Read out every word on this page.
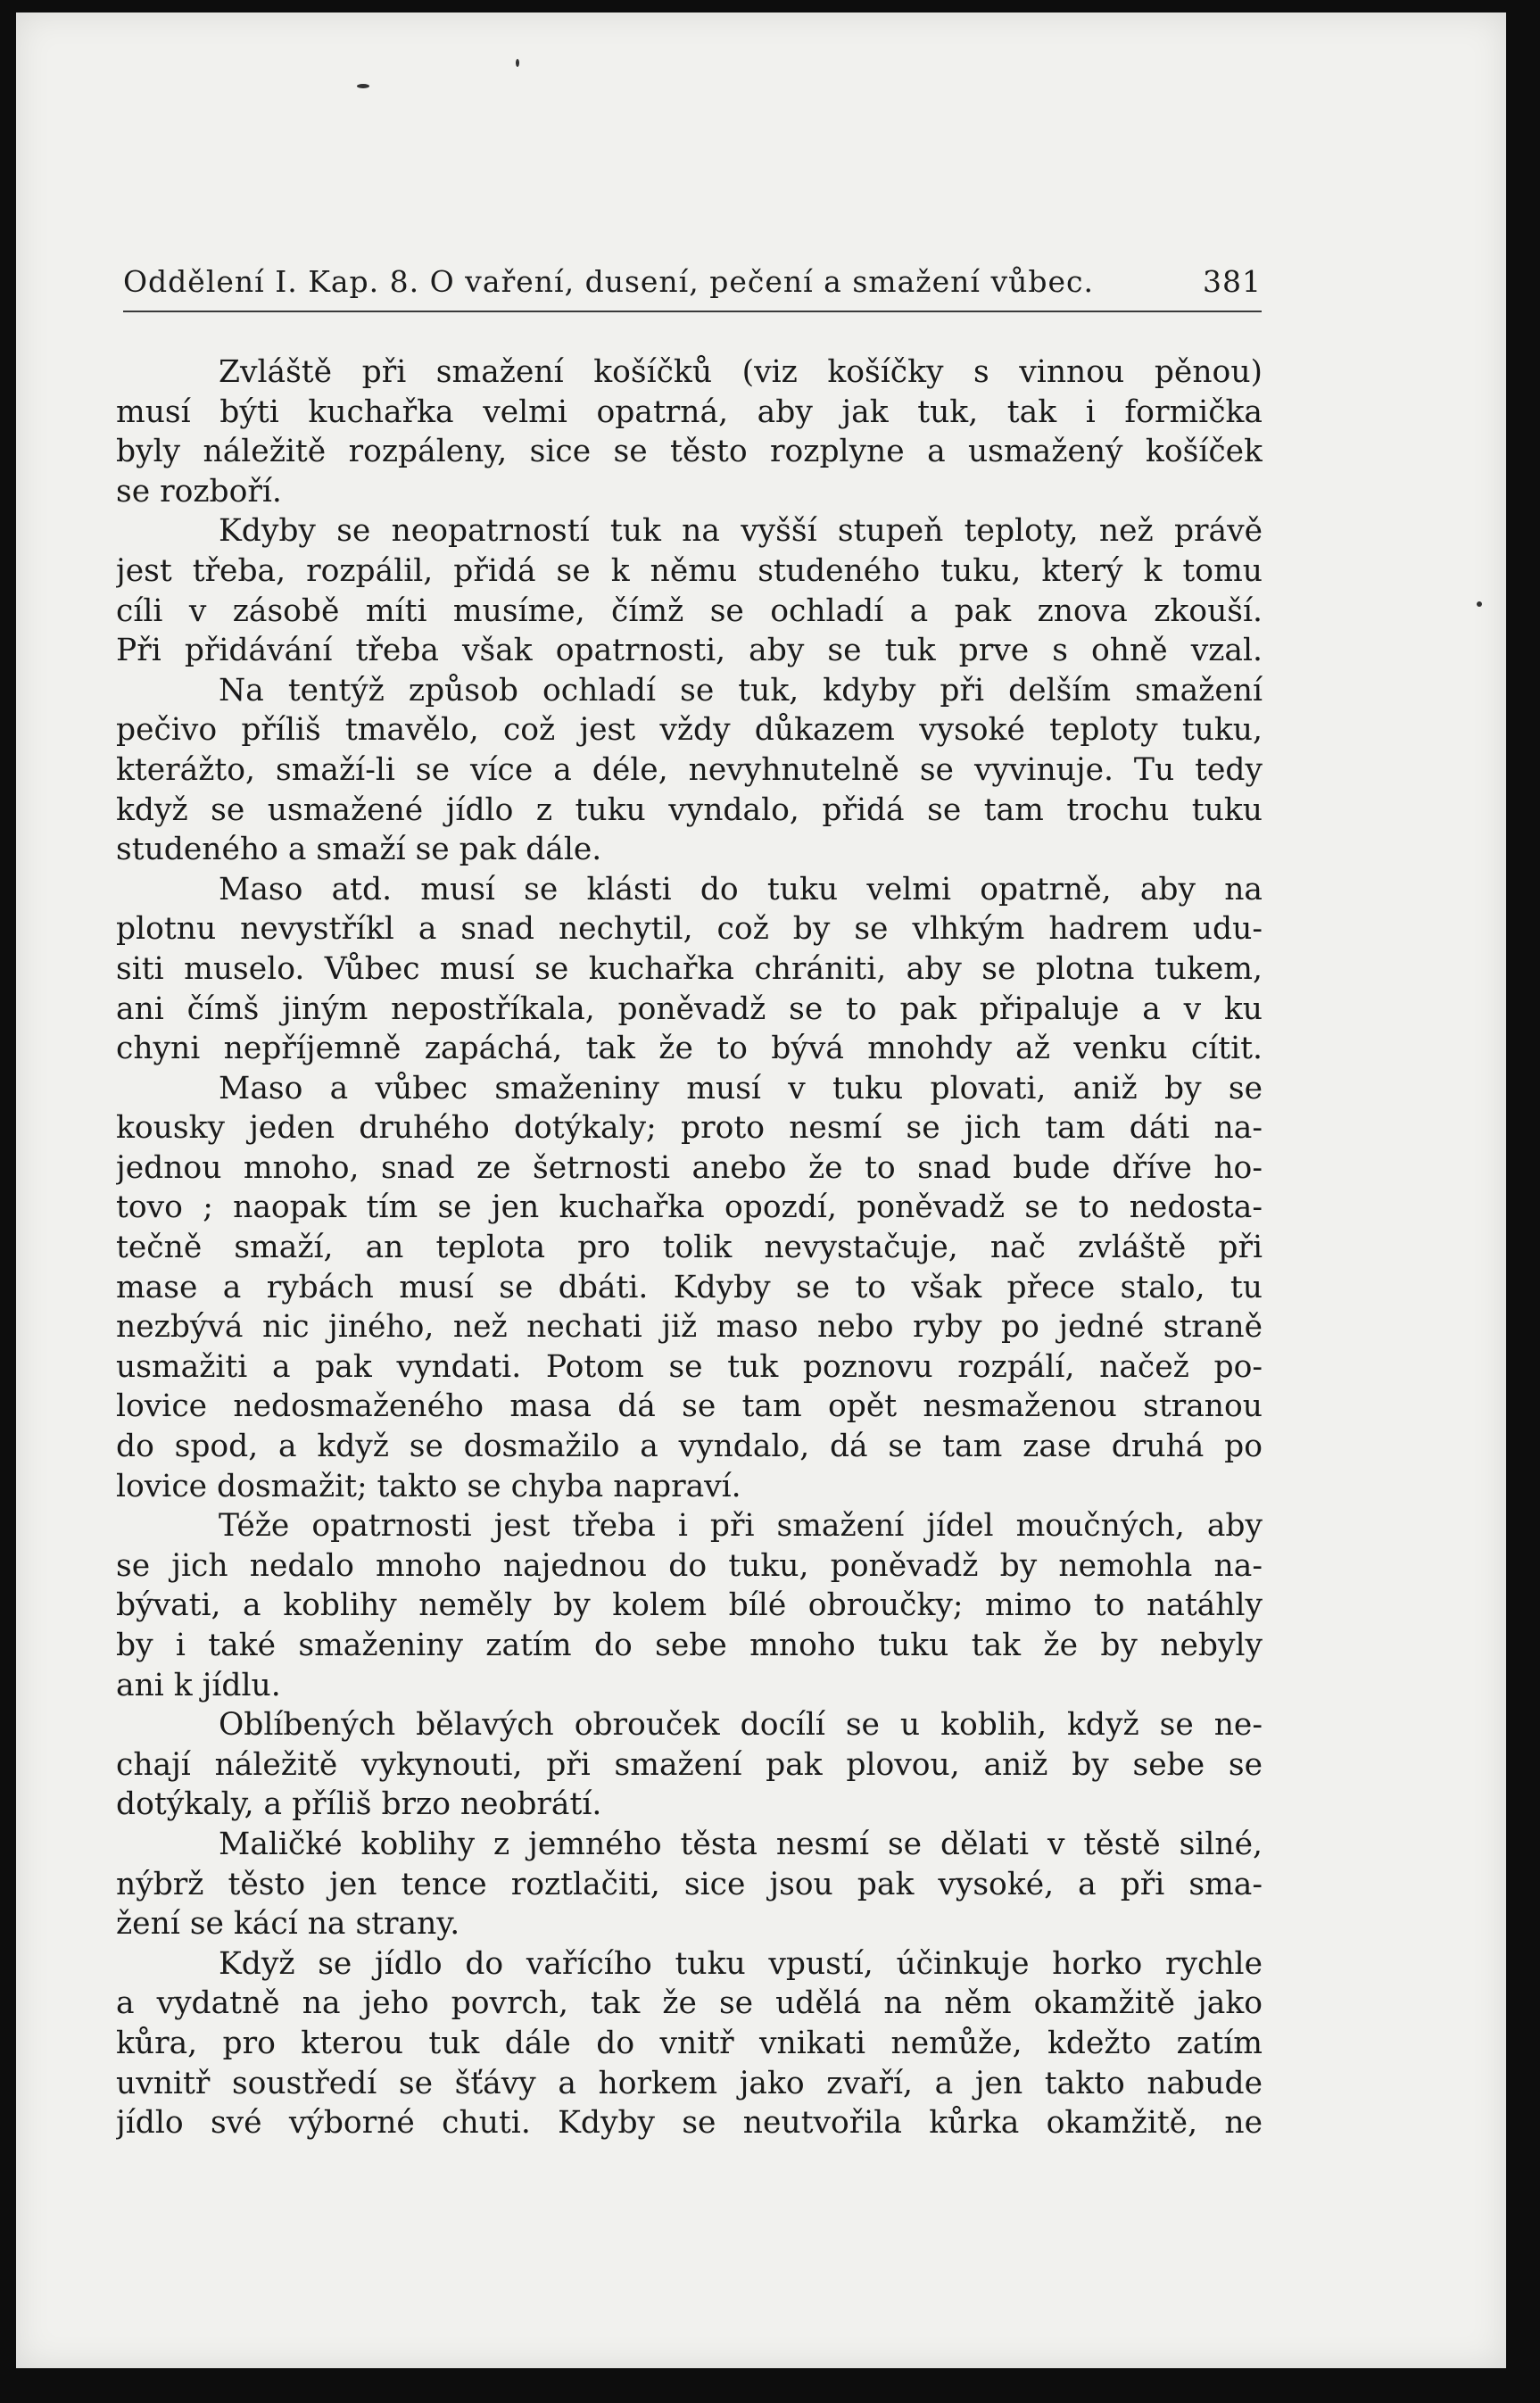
Oddělení I. Kap. 8. O vaření, dusení, pečení a smažení vůbec.	381
Zvláště při smažení košíčků (viz košíčky s vinnou pěnou)
musí býti kuchařka velmi opatrná, aby jak tuk, tak i formička
byly náležitě rozpáleny, sice se těsto rozplyne a usmažený košíček
se rozboří.
Kdyby se neopatrností tuk na vyšší stupeň teploty, než právě
jest třeba, rozpálil, přidá se k němu studeného tuku, který k tomu
cíli v zásobě míti musíme, čímž se ochladí a pak znova zkouší.
Při přidávání třeba však opatrnosti, aby se tuk prve s ohně vzal.
Na tentýž způsob ochladí se tuk, kdyby při delším smažení
pečivo příliš tmavělo, což jest vždy důkazem vysoké teploty tuku,
kterážto, smaží-li se více a déle, nevyhnutelně se vyvinuje. Tu tedy
když se usmažené jídlo z tuku vyndalo, přidá se tam trochu tuku
studeného a smaží se pak dále.
Maso atd. musí se klásti do tuku velmi opatrně, aby na
plotnu nevystříkl a snad nechytil, což by se vlhkým hadrem udu-
siti muselo. Vůbec musí se kuchařka chrániti, aby se plotna tukem,
ani čímš jiným nepostříkala, poněvadž se to pak připaluje a v ku
chyni nepříjemně zapáchá, tak že to bývá mnohdy až venku cítit.
Maso a vůbec smaženiny musí v tuku plovati, aniž by se
kousky jeden druhého dotýkaly; proto nesmí se jich tam dáti na-
jednou mnoho, snad ze šetrnosti anebo že to snad bude dříve ho-
tovo ; naopak tím se jen kuchařka opozdí, poněvadž se to nedosta-
tečně smaží, an teplota pro tolik nevystačuje, nač zvláště při
mase a rybách musí se dbáti. Kdyby se to však přece stalo, tu
nezbývá nic jiného, než nechati již maso nebo ryby po jedné straně
usmažiti a pak vyndati. Potom se tuk poznovu rozpálí, načež po-
lovice nedosmaženého masa dá se tam opět nesmaženou stranou
do spod, a když se dosmažilo a vyndalo, dá se tam zase druhá po
lovice dosmažit; takto se chyba napraví.
Téže opatrnosti jest třeba i při smažení jídel moučných, aby
se jich nedalo mnoho najednou do tuku, poněvadž by nemohla na-
bývati, a koblihy neměly by kolem bílé obroučky; mimo to natáhly
by i také smaženiny zatím do sebe mnoho tuku tak že by nebyly
ani k jídlu.
Oblíbených bělavých obrouček docílí se u koblih, když se ne-
chají náležitě vykynouti, při smažení pak plovou, aniž by sebe se
dotýkaly, a příliš brzo neobrátí.
Maličké koblihy z jemného těsta nesmí se dělati v těstě silné,
nýbrž těsto jen tence roztlačiti, sice jsou pak vysoké, a při sma-
žení se kácí na strany.
Když se jídlo do vařícího tuku vpustí, účinkuje horko rychle
a vydatně na jeho povrch, tak že se udělá na něm okamžitě jako
kůra, pro kterou tuk dále do vnitř vnikati nemůže, kdežto zatím
uvnitř soustředí se šťávy a horkem jako zvaří, a jen takto nabude
jídlo své výborné chuti. Kdyby se neutvořila kůrka okamžitě, ne
